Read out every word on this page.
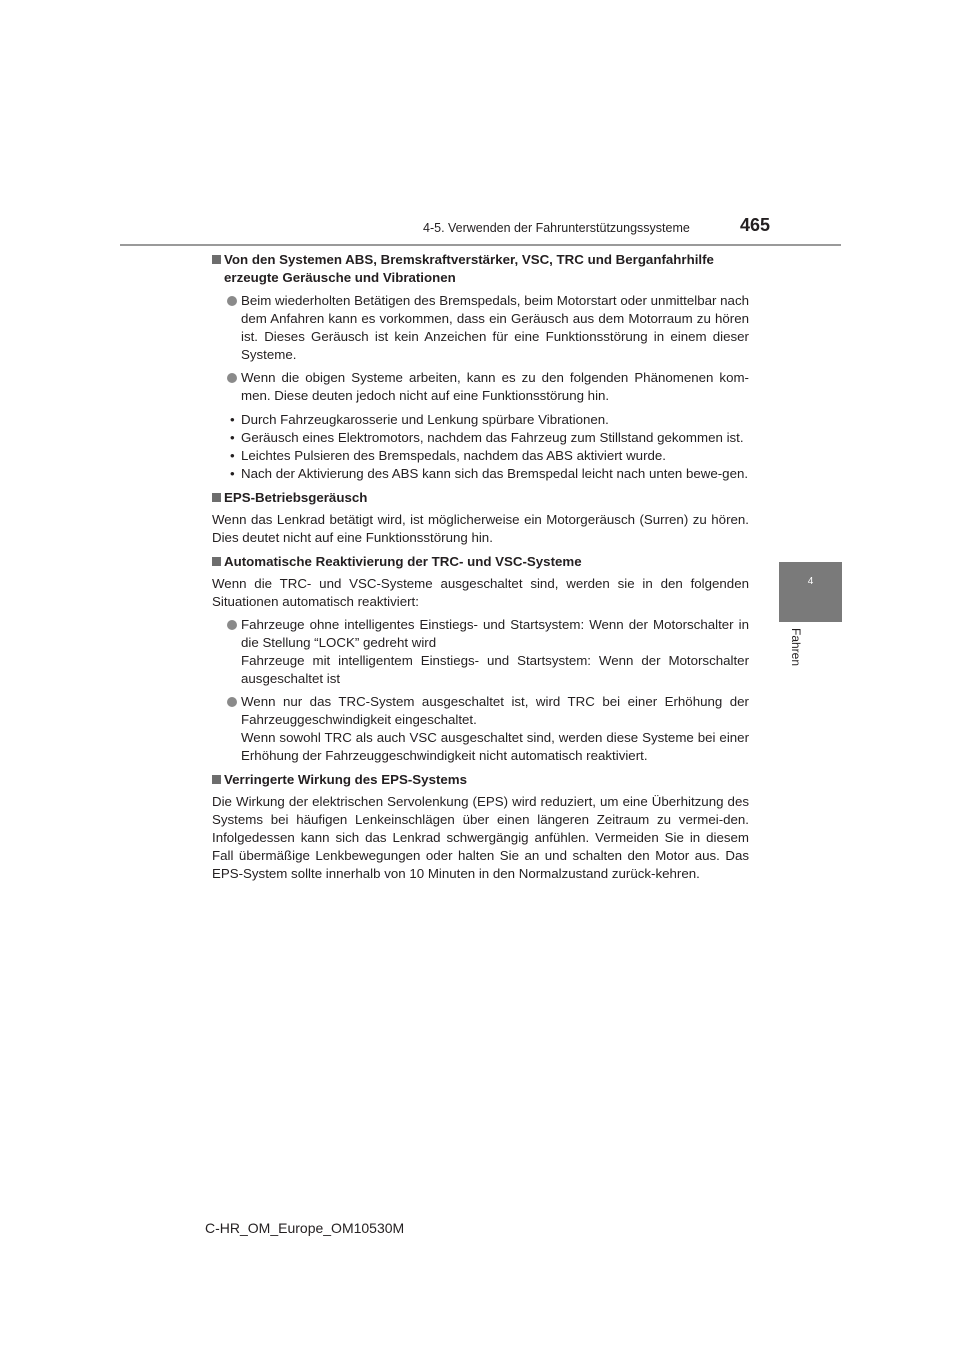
4-5. Verwenden der Fahrunterstützungssysteme	465
4
Fahren

Von den Systemen ABS, Bremskraftverstärker, VSC, TRC und Berganfahrhilfe erzeugte Geräusche und Vibrationen

Beim wiederholten Betätigen des Bremspedals, beim Motorstart oder unmittelbar nach dem Anfahren kann es vorkommen, dass ein Geräusch aus dem Motorraum zu hören ist. Dieses Geräusch ist kein Anzeichen für eine Funktionsstörung in einem dieser Systeme.

Wenn die obigen Systeme arbeiten, kann es zu den folgenden Phänomenen kom-men. Diese deuten jedoch nicht auf eine Funktionsstörung hin.

• Durch Fahrzeugkarosserie und Lenkung spürbare Vibrationen.
• Geräusch eines Elektromotors, nachdem das Fahrzeug zum Stillstand gekommen ist.
• Leichtes Pulsieren des Bremspedals, nachdem das ABS aktiviert wurde.
• Nach der Aktivierung des ABS kann sich das Bremspedal leicht nach unten bewe-gen.

EPS-Betriebsgeräusch

Wenn das Lenkrad betätigt wird, ist möglicherweise ein Motorgeräusch (Surren) zu hören. Dies deutet nicht auf eine Funktionsstörung hin.

Automatische Reaktivierung der TRC- und VSC-Systeme

Wenn die TRC- und VSC-Systeme ausgeschaltet sind, werden sie in den folgenden Situationen automatisch reaktiviert:

Fahrzeuge ohne intelligentes Einstiegs- und Startsystem: Wenn der Motorschalter in die Stellung “LOCK” gedreht wird

Fahrzeuge mit intelligentem Einstiegs- und Startsystem: Wenn der Motorschalter ausgeschaltet ist

Wenn nur das TRC-System ausgeschaltet ist, wird TRC bei einer Erhöhung der Fahrzeuggeschwindigkeit eingeschaltet.

Wenn sowohl TRC als auch VSC ausgeschaltet sind, werden diese Systeme bei einer Erhöhung der Fahrzeuggeschwindigkeit nicht automatisch reaktiviert.

Verringerte Wirkung des EPS-Systems

Die Wirkung der elektrischen Servolenkung (EPS) wird reduziert, um eine Überhitzung des Systems bei häufigen Lenkeinschlägen über einen längeren Zeitraum zu vermei-den. Infolgedessen kann sich das Lenkrad schwergängig anfühlen. Vermeiden Sie in diesem Fall übermäßige Lenkbewegungen oder halten Sie an und schalten den Motor aus. Das EPS-System sollte innerhalb von 10 Minuten in den Normalzustand zurück-kehren.

C-HR_OM_Europe_OM10530M
